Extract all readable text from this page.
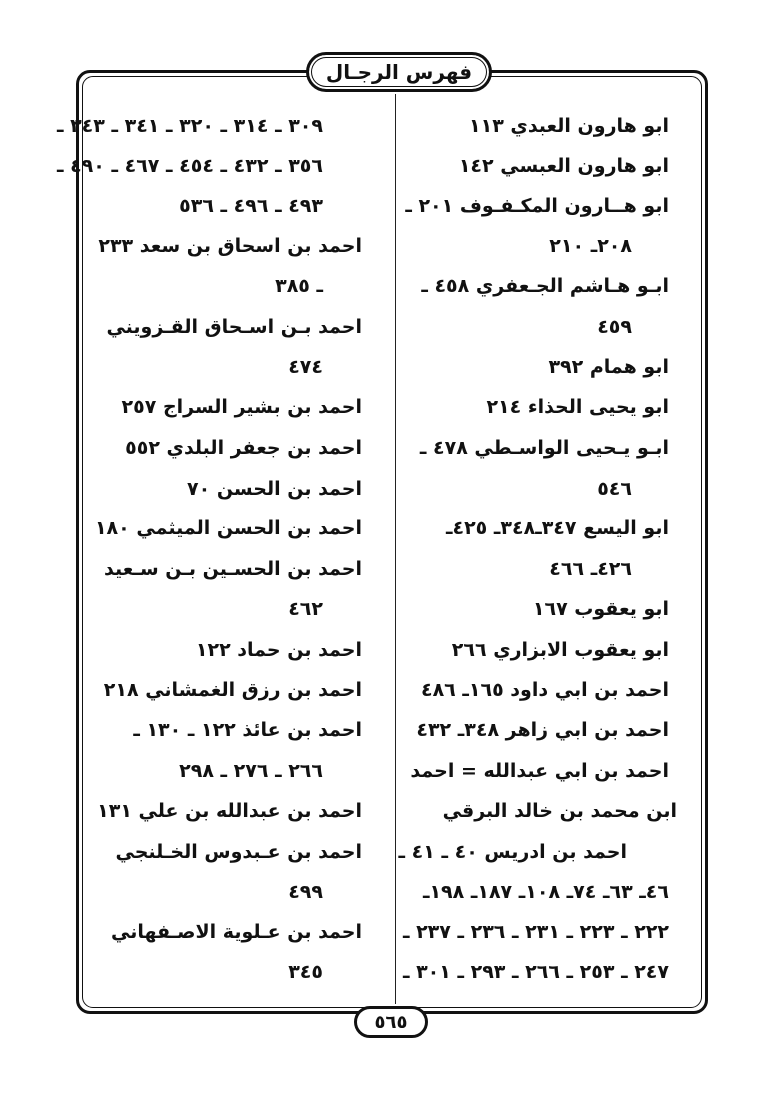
فهرس الرجـال
ابو هارون العبدي ١١٣
ابو هارون العبسي ١٤٢
ابو هــارون المكـفـوف ٢٠١ ـ
٢٠٨ـ ٢١٠
ابـو هـاشم الجـعفري ٤٥٨ ـ
٤٥٩
ابو همام ٣٩٢
ابو يحيى الحذاء ٢١٤
ابـو يـحيى الواسـطي ٤٧٨ ـ
٥٤٦
ابو اليسع ٣٤٧ـ٣٤٨ـ ٤٢٥ـ
٤٢٦ـ ٤٦٦
ابو يعقوب ١٦٧
ابو يعقوب الابزاري ٢٦٦
احمد بن ابي داود ١٦٥ـ ٤٨٦
احمد بن ابي زاهر ٣٤٨ـ ٤٣٢
احمد بن ابي عبدالله = احمد
ابن محمد بن خالد البرقي
احمد بن ادريس ٤٠ ـ ٤١ ـ
٤٦ـ ٦٣ـ ٧٤ـ ١٠٨ـ ١٨٧ـ ١٩٨ـ
٢٢٢ ـ ٢٢٣ ـ ٢٣١ ـ ٢٣٦ ـ ٢٣٧ ـ
٢٤٧ ـ ٢٥٣ ـ ٢٦٦ ـ ٢٩٣ ـ ٣٠١ ـ
٣٠٩ ـ ٣١٤ ـ ٣٢٠ ـ ٣٤١ ـ ٣٤٣ ـ
٣٥٦ ـ ٤٣٢ ـ ٤٥٤ ـ ٤٦٧ ـ ٤٩٠ ـ
٤٩٣ ـ ٤٩٦ ـ ٥٣٦
احمد بن اسحاق بن سعد ٢٣٣
ـ ٣٨٥
احمد بـن اسـحاق القـزويني
٤٧٤
احمد بن بشير السراج ٢٥٧
احمد بن جعفر البلدي ٥٥٢
احمد بن الحسن ٧٠
احمد بن الحسن الميثمي ١٨٠
احمد بن الحسـين بـن سـعيد
٤٦٢
احمد بن حماد ١٢٢
احمد بن رزق الغمشاني ٢١٨
احمد بن عائذ ١٢٢ ـ ١٣٠ ـ
٢٦٦ ـ ٢٧٦ ـ ٢٩٨
احمد بن عبدالله بن علي ١٣١
احمد بن عـبدوس الخـلنجي
٤٩٩
احمد بن عـلوية الاصـفهاني
٣٤٥
٥٦٥
